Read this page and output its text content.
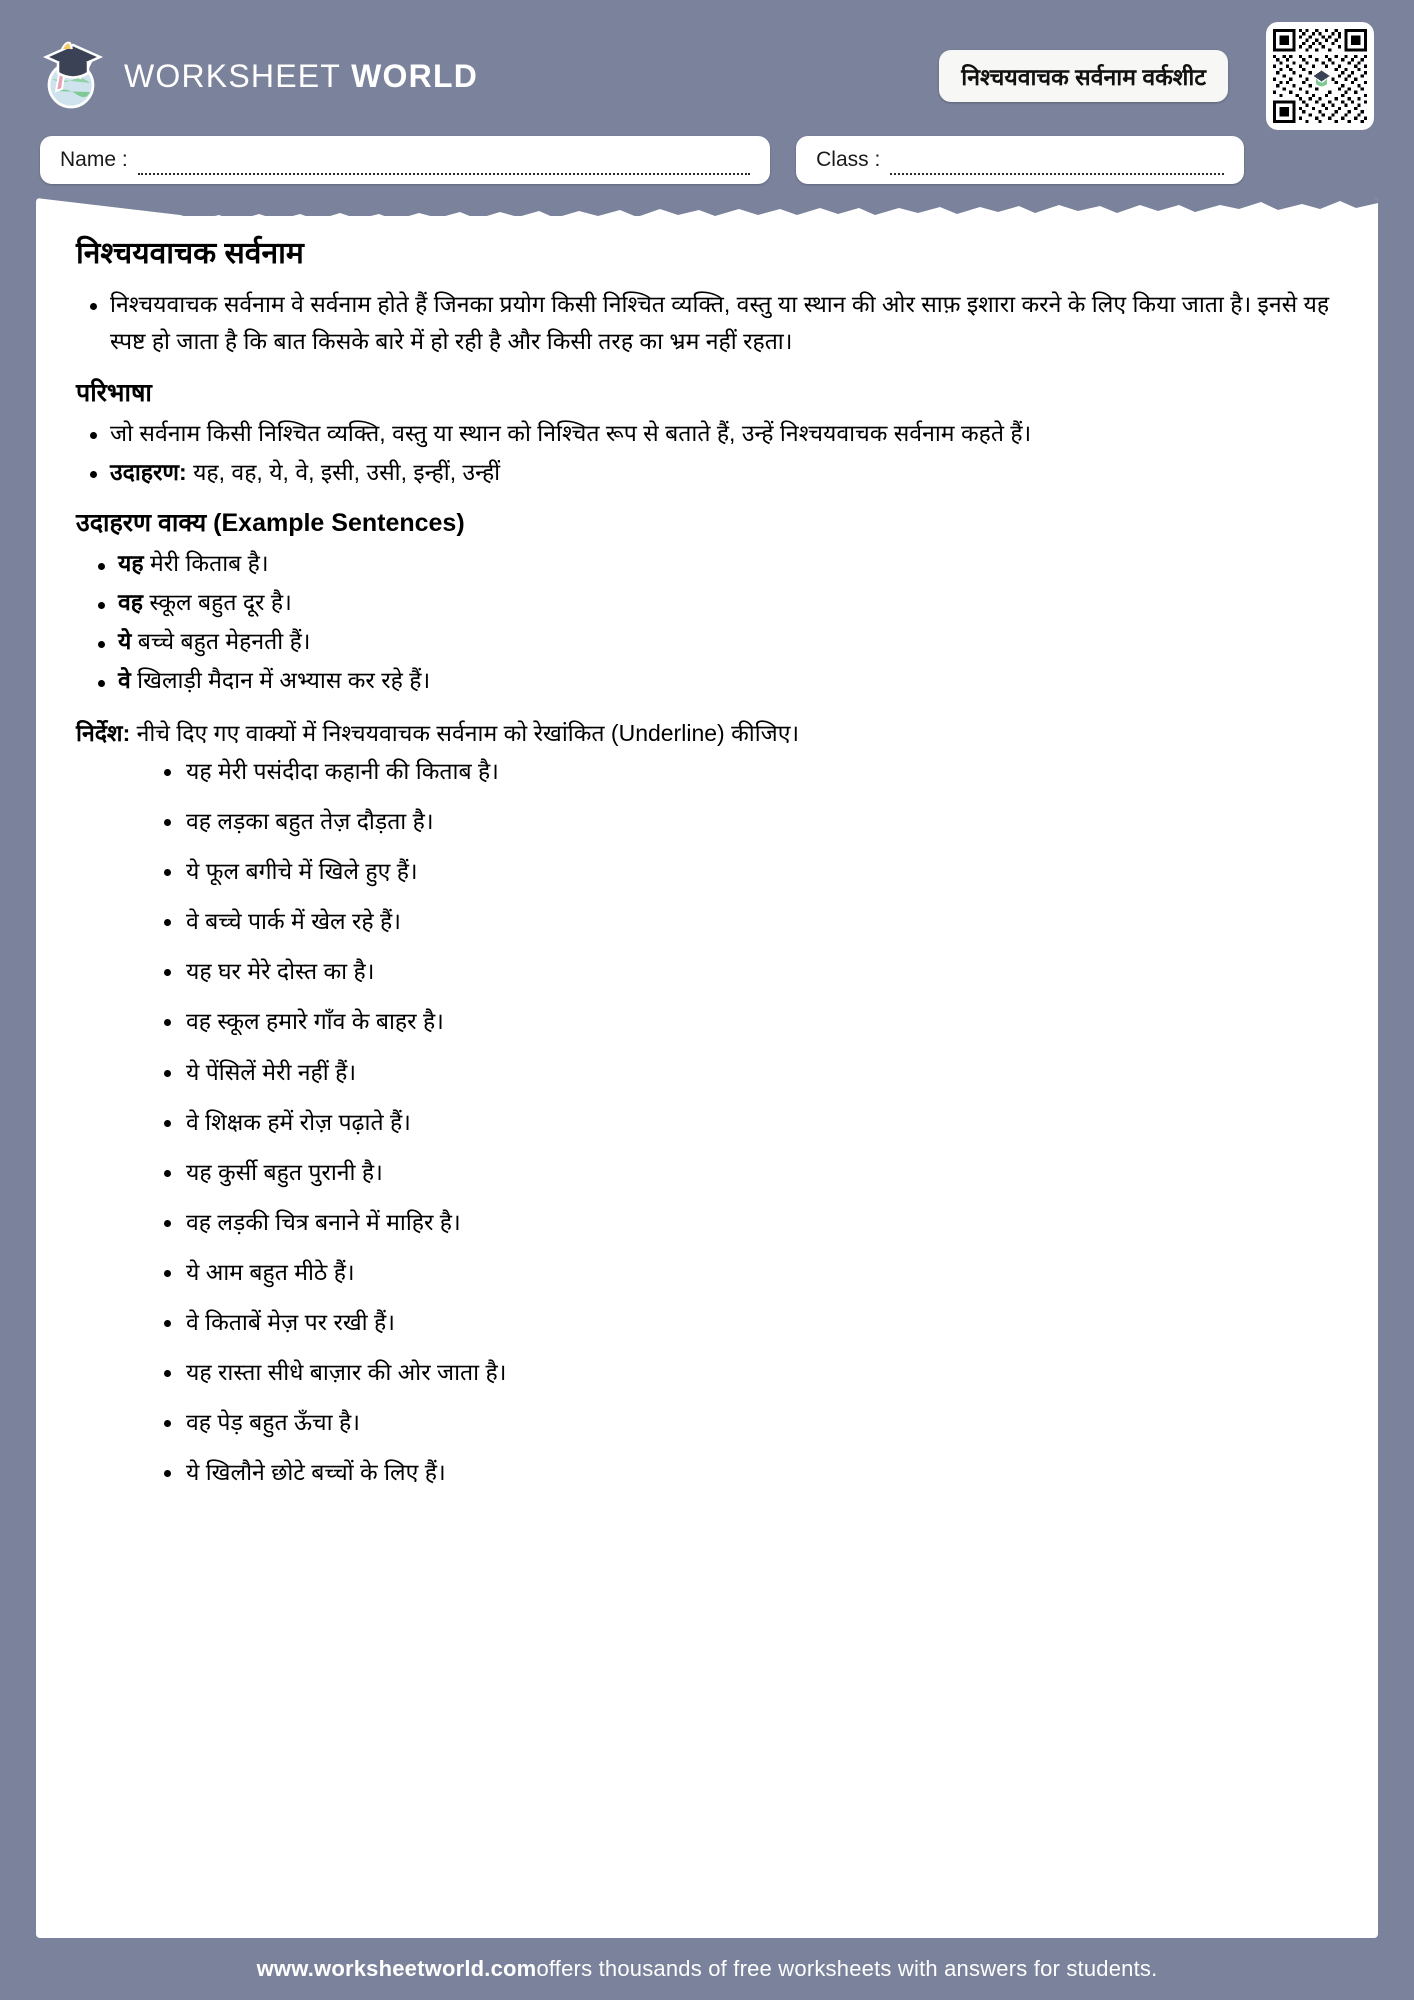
WORKSHEET WORLD	निश्चयवाचक सर्वनाम वर्कशीट
Name :	Class :
निश्चयवाचक सर्वनाम
निश्चयवाचक सर्वनाम वे सर्वनाम होते हैं जिनका प्रयोग किसी निश्चित व्यक्ति, वस्तु या स्थान की ओर साफ़ इशारा करने के लिए किया जाता है। इनसे यह स्पष्ट हो जाता है कि बात किसके बारे में हो रही है और किसी तरह का भ्रम नहीं रहता।
परिभाषा
जो सर्वनाम किसी निश्चित व्यक्ति, वस्तु या स्थान को निश्चित रूप से बताते हैं, उन्हें निश्चयवाचक सर्वनाम कहते हैं।
उदाहरण: यह, वह, ये, वे, इसी, उसी, इन्हीं, उन्हीं
उदाहरण वाक्य (Example Sentences)
यह मेरी किताब है।
वह स्कूल बहुत दूर है।
ये बच्चे बहुत मेहनती हैं।
वे खिलाड़ी मैदान में अभ्यास कर रहे हैं।

निर्देश: नीचे दिए गए वाक्यों में निश्चयवाचक सर्वनाम को रेखांकित (Underline) कीजिए।

यह मेरी पसंदीदा कहानी की किताब है।
वह लड़का बहुत तेज़ दौड़ता है।
ये फूल बगीचे में खिले हुए हैं।
वे बच्चे पार्क में खेल रहे हैं।
यह घर मेरे दोस्त का है।
वह स्कूल हमारे गाँव के बाहर है।
ये पेंसिलें मेरी नहीं हैं।
वे शिक्षक हमें रोज़ पढ़ाते हैं।
यह कुर्सी बहुत पुरानी है।
वह लड़की चित्र बनाने में माहिर है।
ये आम बहुत मीठे हैं।
वे किताबें मेज़ पर रखी हैं।
यह रास्ता सीधे बाज़ार की ओर जाता है।
वह पेड़ बहुत ऊँचा है।
ये खिलौने छोटे बच्चों के लिए हैं।
www.worksheetworld.com offers thousands of free worksheets with answers for students.
